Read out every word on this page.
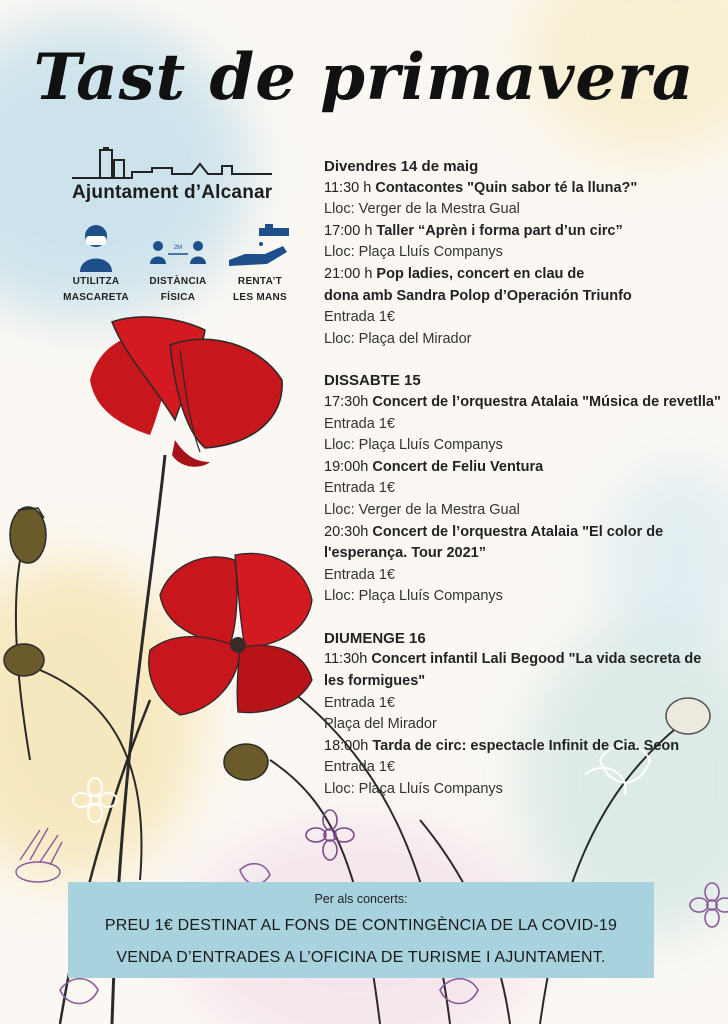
Tast de primavera
Ajuntament d’Alcanar
UTILITZA
MASCARETA
2M
DISTÀNCIA
FÍSICA
RENTA’T
LES MANS
Divendres 14 de maig
11:30 h Contacontes "Quin sabor té la lluna?"
Lloc: Verger de la Mestra Gual
17:00 h Taller “Aprèn i forma part d’un circ”
Lloc: Plaça Lluís Companys
21:00 h Pop ladies, concert en clau de
dona amb Sandra Polop d’Operación Triunfo
Entrada 1€
Lloc: Plaça del Mirador
DISSABTE 15
17:30h Concert de l’orquestra Atalaia "Música de revetlla"
Entrada 1€
Lloc: Plaça Lluís Companys
19:00h Concert de Feliu Ventura
Entrada 1€
Lloc: Verger de la Mestra Gual
20:30h Concert de l’orquestra Atalaia "El color de
l'esperança. Tour 2021”
Entrada 1€
Lloc: Plaça Lluís Companys
DIUMENGE 16
11:30h Concert infantil Lali Begood "La vida secreta de
les formigues"
Entrada 1€
Plaça del Mirador
18:00h Tarda de circ: espectacle Infinit de Cia. Seon
Entrada 1€
Lloc: Plaça Lluís Companys
Per als concerts:
PREU 1€ DESTINAT AL FONS DE CONTINGÈNCIA DE LA COVID-19
VENDA D’ENTRADES A L’OFICINA DE TURISME I AJUNTAMENT.
